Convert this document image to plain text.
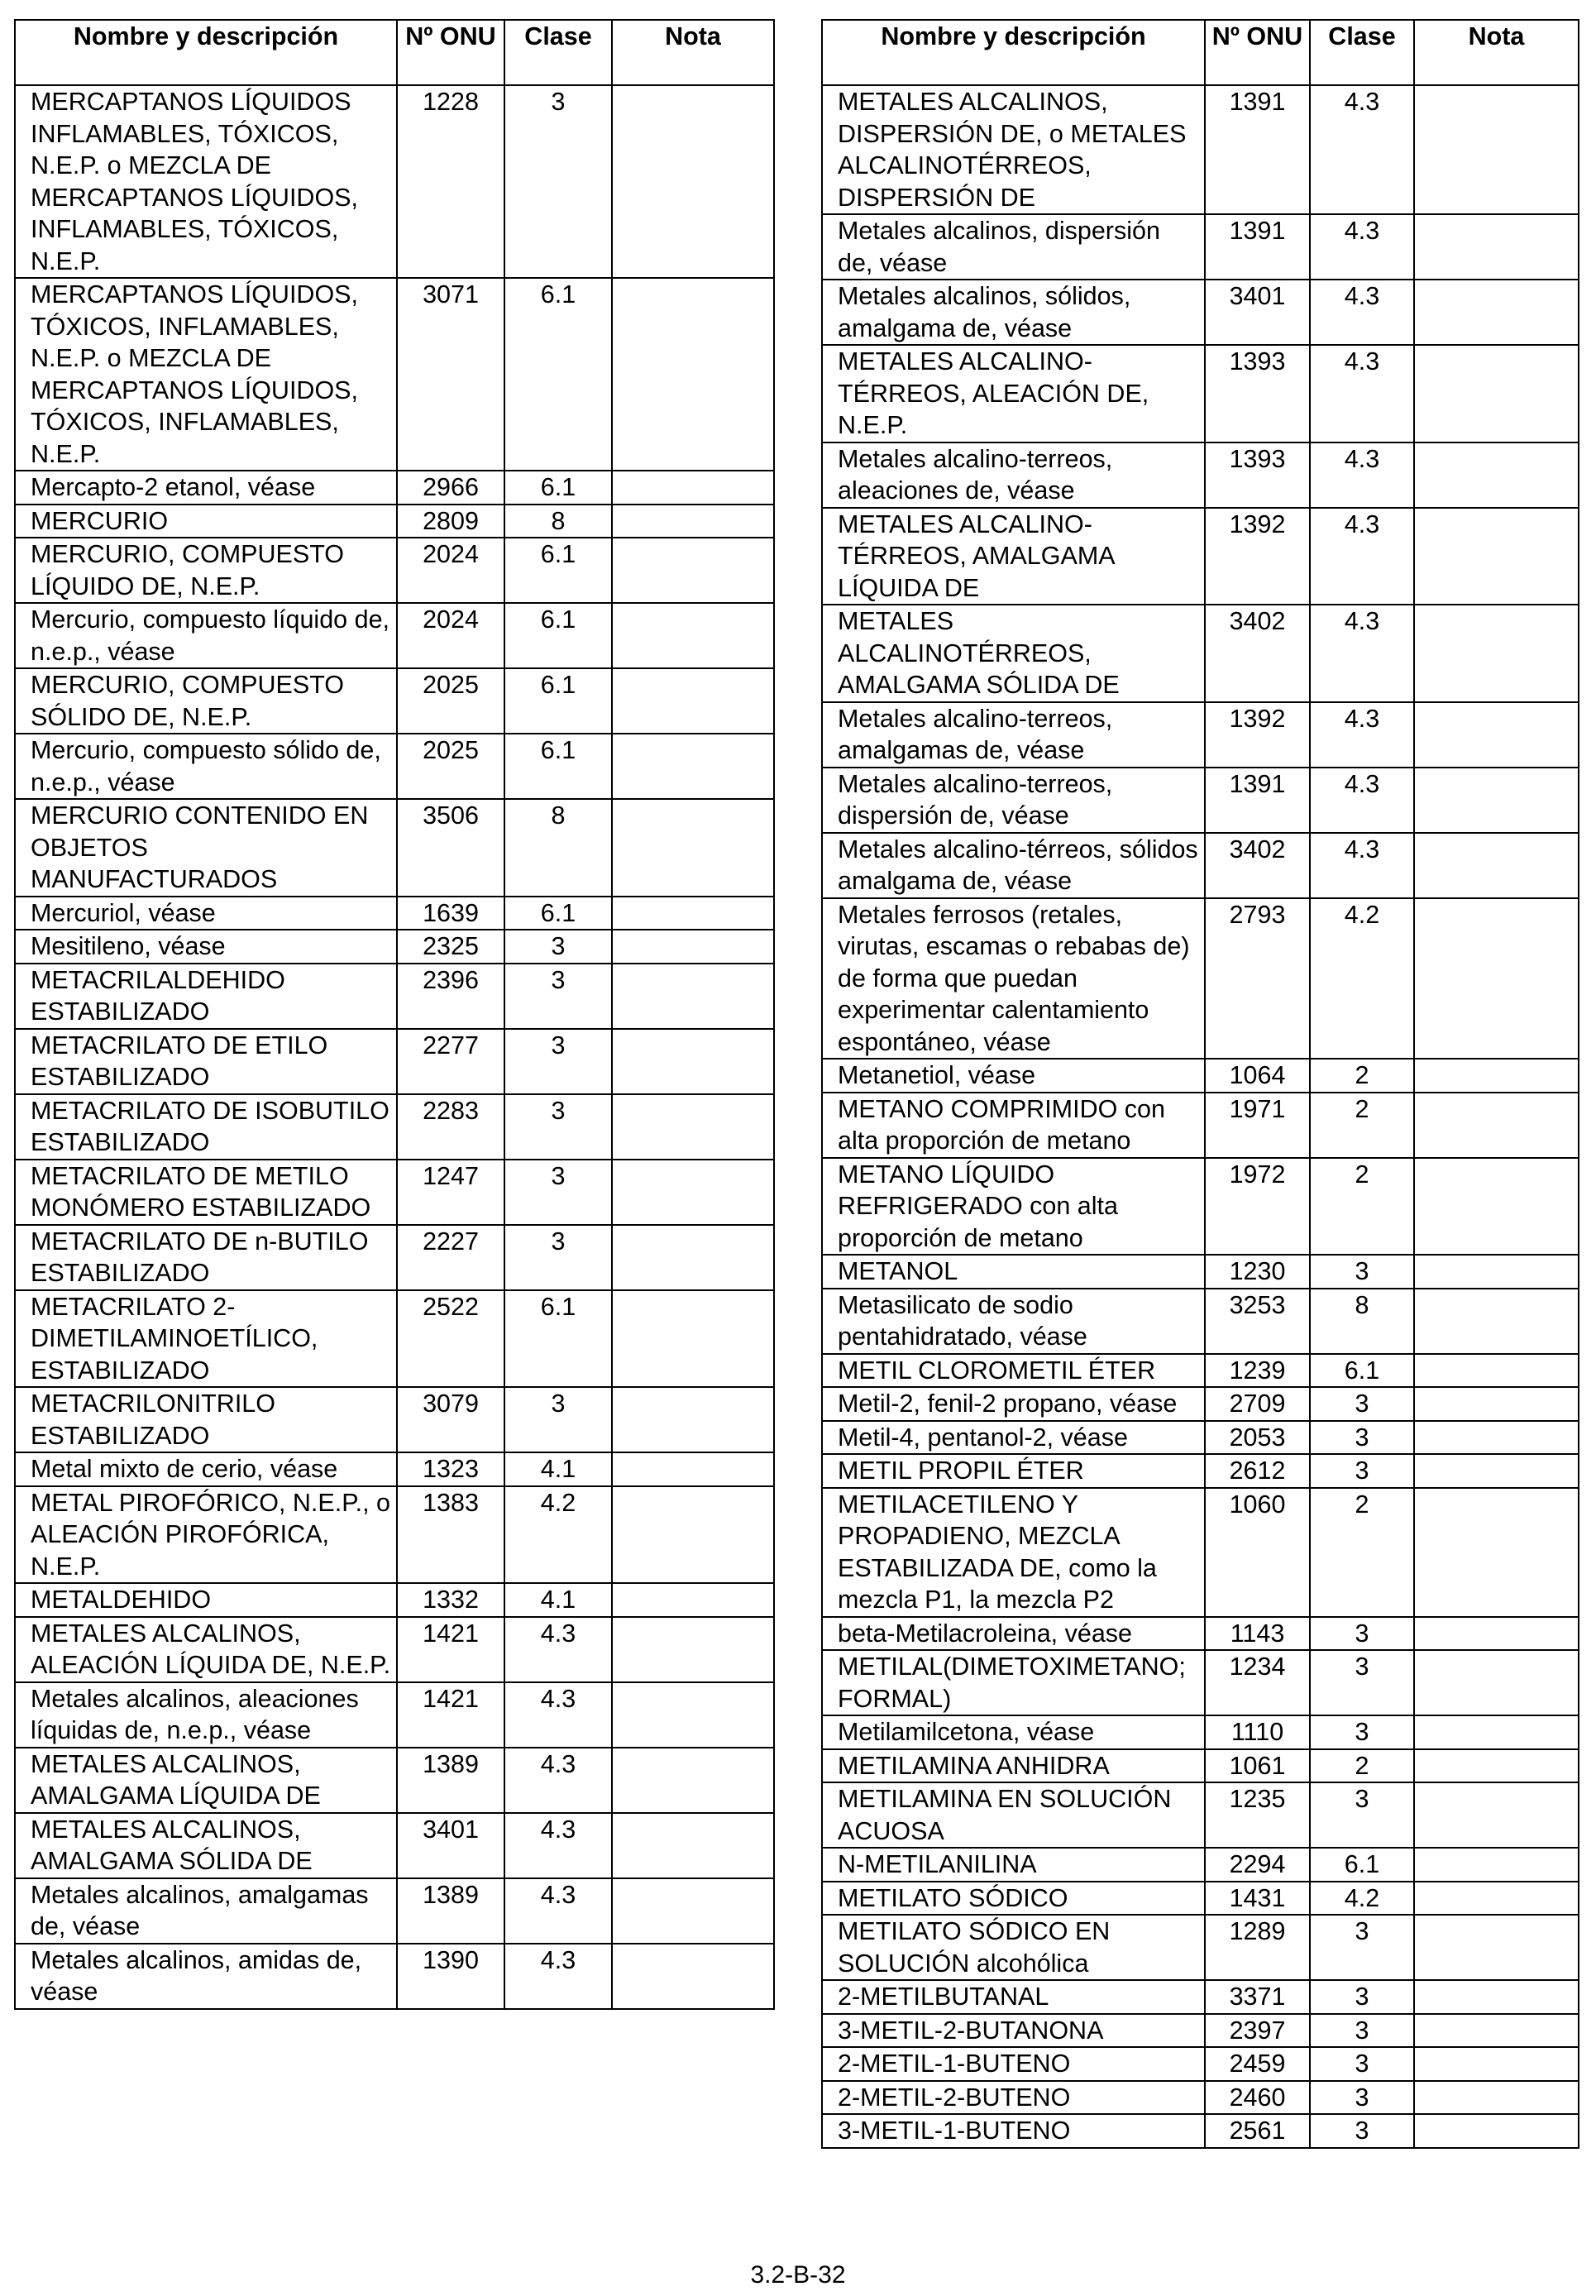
Nombre y descripción	Nº ONU	Clase	Nota
MERCAPTANOS LÍQUIDOS INFLAMABLES, TÓXICOS, N.E.P. o MEZCLA DE MERCAPTANOS LÍQUIDOS, INFLAMABLES, TÓXICOS, N.E.P.	1228	3	
MERCAPTANOS LÍQUIDOS, TÓXICOS, INFLAMABLES, N.E.P. o MEZCLA DE MERCAPTANOS LÍQUIDOS, TÓXICOS, INFLAMABLES, N.E.P.	3071	6.1	
Mercapto-2 etanol, véase	2966	6.1	
MERCURIO	2809	8	
MERCURIO, COMPUESTO LÍQUIDO DE, N.E.P.	2024	6.1	
Mercurio, compuesto líquido de, n.e.p., véase	2024	6.1	
MERCURIO, COMPUESTO SÓLIDO DE, N.E.P.	2025	6.1	
Mercurio, compuesto sólido de, n.e.p., véase	2025	6.1	
MERCURIO CONTENIDO EN OBJETOS MANUFACTURADOS	3506	8	
Mercuriol, véase	1639	6.1	
Mesitileno, véase	2325	3	
METACRILALDEHIDO ESTABILIZADO	2396	3	
METACRILATO DE ETILO ESTABILIZADO	2277	3	
METACRILATO DE ISOBUTILO ESTABILIZADO	2283	3	
METACRILATO DE METILO MONÓMERO ESTABILIZADO	1247	3	
METACRILATO DE n-BUTILO ESTABILIZADO	2227	3	
METACRILATO 2-DIMETILAMINOETÍLICO, ESTABILIZADO	2522	6.1	
METACRILONITRILO ESTABILIZADO	3079	3	
Metal mixto de cerio, véase	1323	4.1	
METAL PIROFÓRICO, N.E.P., o ALEACIÓN PIROFÓRICA, N.E.P.	1383	4.2	
METALDEHIDO	1332	4.1	
METALES ALCALINOS, ALEACIÓN LÍQUIDA DE, N.E.P.	1421	4.3	
Metales alcalinos, aleaciones líquidas de, n.e.p., véase	1421	4.3	
METALES ALCALINOS, AMALGAMA LÍQUIDA DE	1389	4.3	
METALES ALCALINOS, AMALGAMA SÓLIDA DE	3401	4.3	
Metales alcalinos, amalgamas de, véase	1389	4.3	
Metales alcalinos, amidas de, véase	1390	4.3	
Nombre y descripción	Nº ONU	Clase	Nota
METALES ALCALINOS, DISPERSIÓN DE, o METALES ALCALINOTÉRREOS, DISPERSIÓN DE	1391	4.3	
Metales alcalinos, dispersión de, véase	1391	4.3	
Metales alcalinos, sólidos, amalgama de, véase	3401	4.3	
METALES ALCALINO-TÉRREOS, ALEACIÓN DE, N.E.P.	1393	4.3	
Metales alcalino-terreos, aleaciones de, véase	1393	4.3	
METALES ALCALINO-TÉRREOS, AMALGAMA LÍQUIDA DE	1392	4.3	
METALES ALCALINOTÉRREOS, AMALGAMA SÓLIDA DE	3402	4.3	
Metales alcalino-terreos, amalgamas de, véase	1392	4.3	
Metales alcalino-terreos, dispersión de, véase	1391	4.3	
Metales alcalino-térreos, sólidos amalgama de, véase	3402	4.3	
Metales ferrosos (retales, virutas, escamas o rebabas de) de forma que puedan experimentar calentamiento espontáneo, véase	2793	4.2	
Metanetiol, véase	1064	2	
METANO COMPRIMIDO con alta proporción de metano	1971	2	
METANO LÍQUIDO REFRIGERADO con alta proporción de metano	1972	2	
METANOL	1230	3	
Metasilicato de sodio pentahidratado, véase	3253	8	
METIL CLOROMETIL ÉTER	1239	6.1	
Metil-2, fenil-2 propano, véase	2709	3	
Metil-4, pentanol-2, véase	2053	3	
METIL PROPIL ÉTER	2612	3	
METILACETILENO Y PROPADIENO, MEZCLA ESTABILIZADA DE, como la mezcla P1, la mezcla P2	1060	2	
beta-Metilacroleina, véase	1143	3	
METILAL(DIMETOXIMETANO; FORMAL)	1234	3	
Metilamilcetona, véase	1110	3	
METILAMINA ANHIDRA	1061	2	
METILAMINA EN SOLUCIÓN ACUOSA	1235	3	
N-METILANILINA	2294	6.1	
METILATO SÓDICO	1431	4.2	
METILATO SÓDICO EN SOLUCIÓN alcohólica	1289	3	
2-METILBUTANAL	3371	3	
3-METIL-2-BUTANONA	2397	3	
2-METIL-1-BUTENO	2459	3	
2-METIL-2-BUTENO	2460	3	
3-METIL-1-BUTENO	2561	3	
3.2-B-32
